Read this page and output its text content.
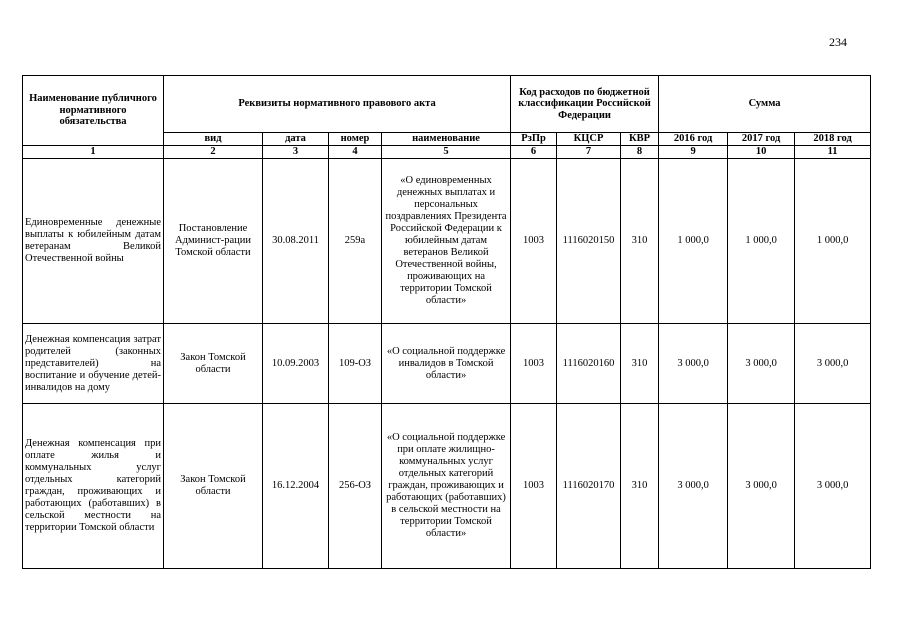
234
Наименование публичного нормативного обязательства	Реквизиты нормативного правового акта				Код расходов по бюджетной классификации Российской Федерации			Сумма		
	вид	дата	номер	наименование	РзПр	КЦСР	КВР	2016 год	2017 год	2018 год
1	2	3	4	5	6	7	8	9	10	11
Единовременные денежные выплаты к юбилейным датам ветеранам Великой Отечественной войны	Постановление Админист-рации Томской области	30.08.2011	259а	«О единовременных денежных выплатах и персональных поздравлениях Президента Российской Федерации к юбилейным датам ветеранов Великой Отечественной войны, проживающих на территории Томской области»	1003	1116020150	310	1 000,0	1 000,0	1 000,0
Денежная компенсация затрат родителей (законных представителей) на воспитание и обучение детей-инвалидов на дому	Закон Томской области	10.09.2003	109-ОЗ	«О социальной поддержке инвалидов в Томской области»	1003	1116020160	310	3 000,0	3 000,0	3 000,0
Денежная компенсация при оплате жилья и коммунальных услуг отдельных категорий граждан, проживающих и работающих (работавших) в сельской местности на территории Томской области	Закон Томской области	16.12.2004	256-ОЗ	«О социальной поддержке при оплате жилищно-коммунальных услуг отдельных категорий граждан, проживающих и работающих (работавших) в сельской местности на территории Томской области»	1003	1116020170	310	3 000,0	3 000,0	3 000,0
